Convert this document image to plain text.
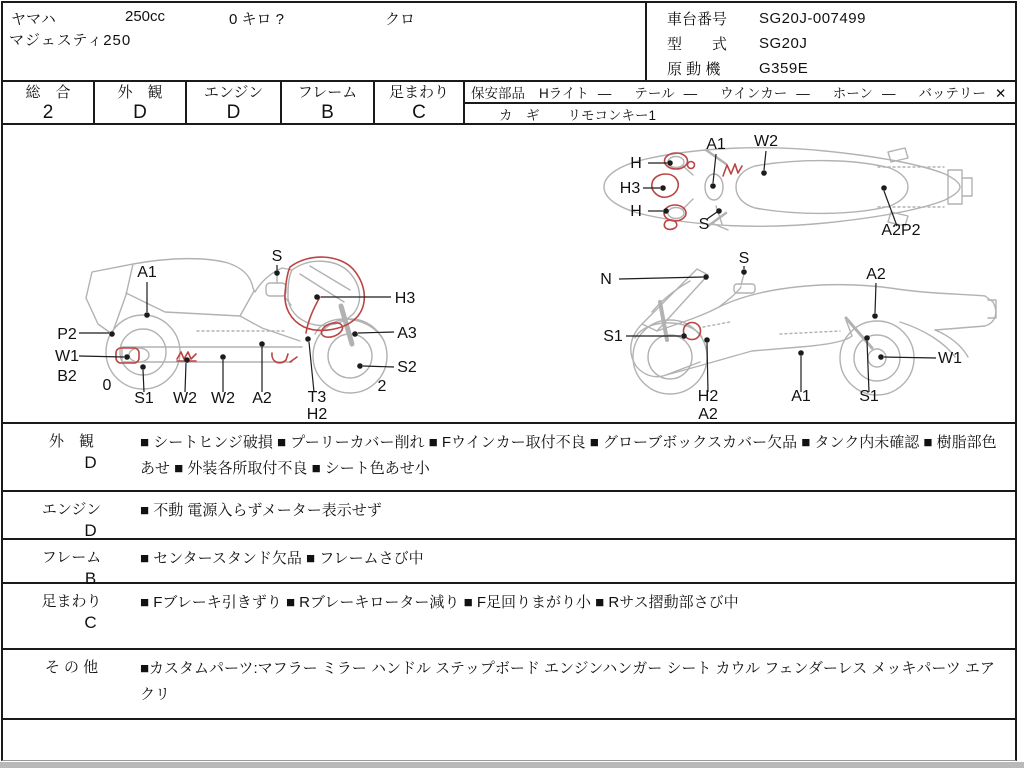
ヤマハ	250cc	0 キロ ?	クロ
マジェスティ250
車台番号	SG20J-007499
型　　式	SG20J
原 動 機	G359E
総　合
2
外　観
D
エンジン
D
フレーム
B
足まわり
C
保安部品 Hライト ― テール ― ウインカー ― ホーン ― バッテリー ✕
カ　ギ リモコンキー1
H
H3
H
A1 W2
S	A2P2
S
A1
H3
P2	A3
W1
B2
0
S1 W2 W2 A2 T3
H2
S2
2
N
S
A2
S1
W1
H2
A2
A1	S1
外　観
D
■ シートヒンジ破損 ■ プーリーカバー削れ ■ Fウインカー取付不良 ■ グローブボックスカバー欠品 ■ タンク内未確認 ■ 樹脂部色あせ ■ 外装各所取付不良 ■ シート色あせ小
エンジン
D
■ 不動 電源入らずメーター表示せず
フレーム
B
■ センタースタンド欠品 ■ フレームさび中
足まわり
C
■ Fブレーキ引きずり ■ Rブレーキローター減り ■ F足回りまがり小 ■ Rサス摺動部さび中
そ の 他	■カスタムパーツ:マフラー ミラー ハンドル ステップボード エンジンハンガー シート カウル フェンダーレス メッキパーツ エアクリ
